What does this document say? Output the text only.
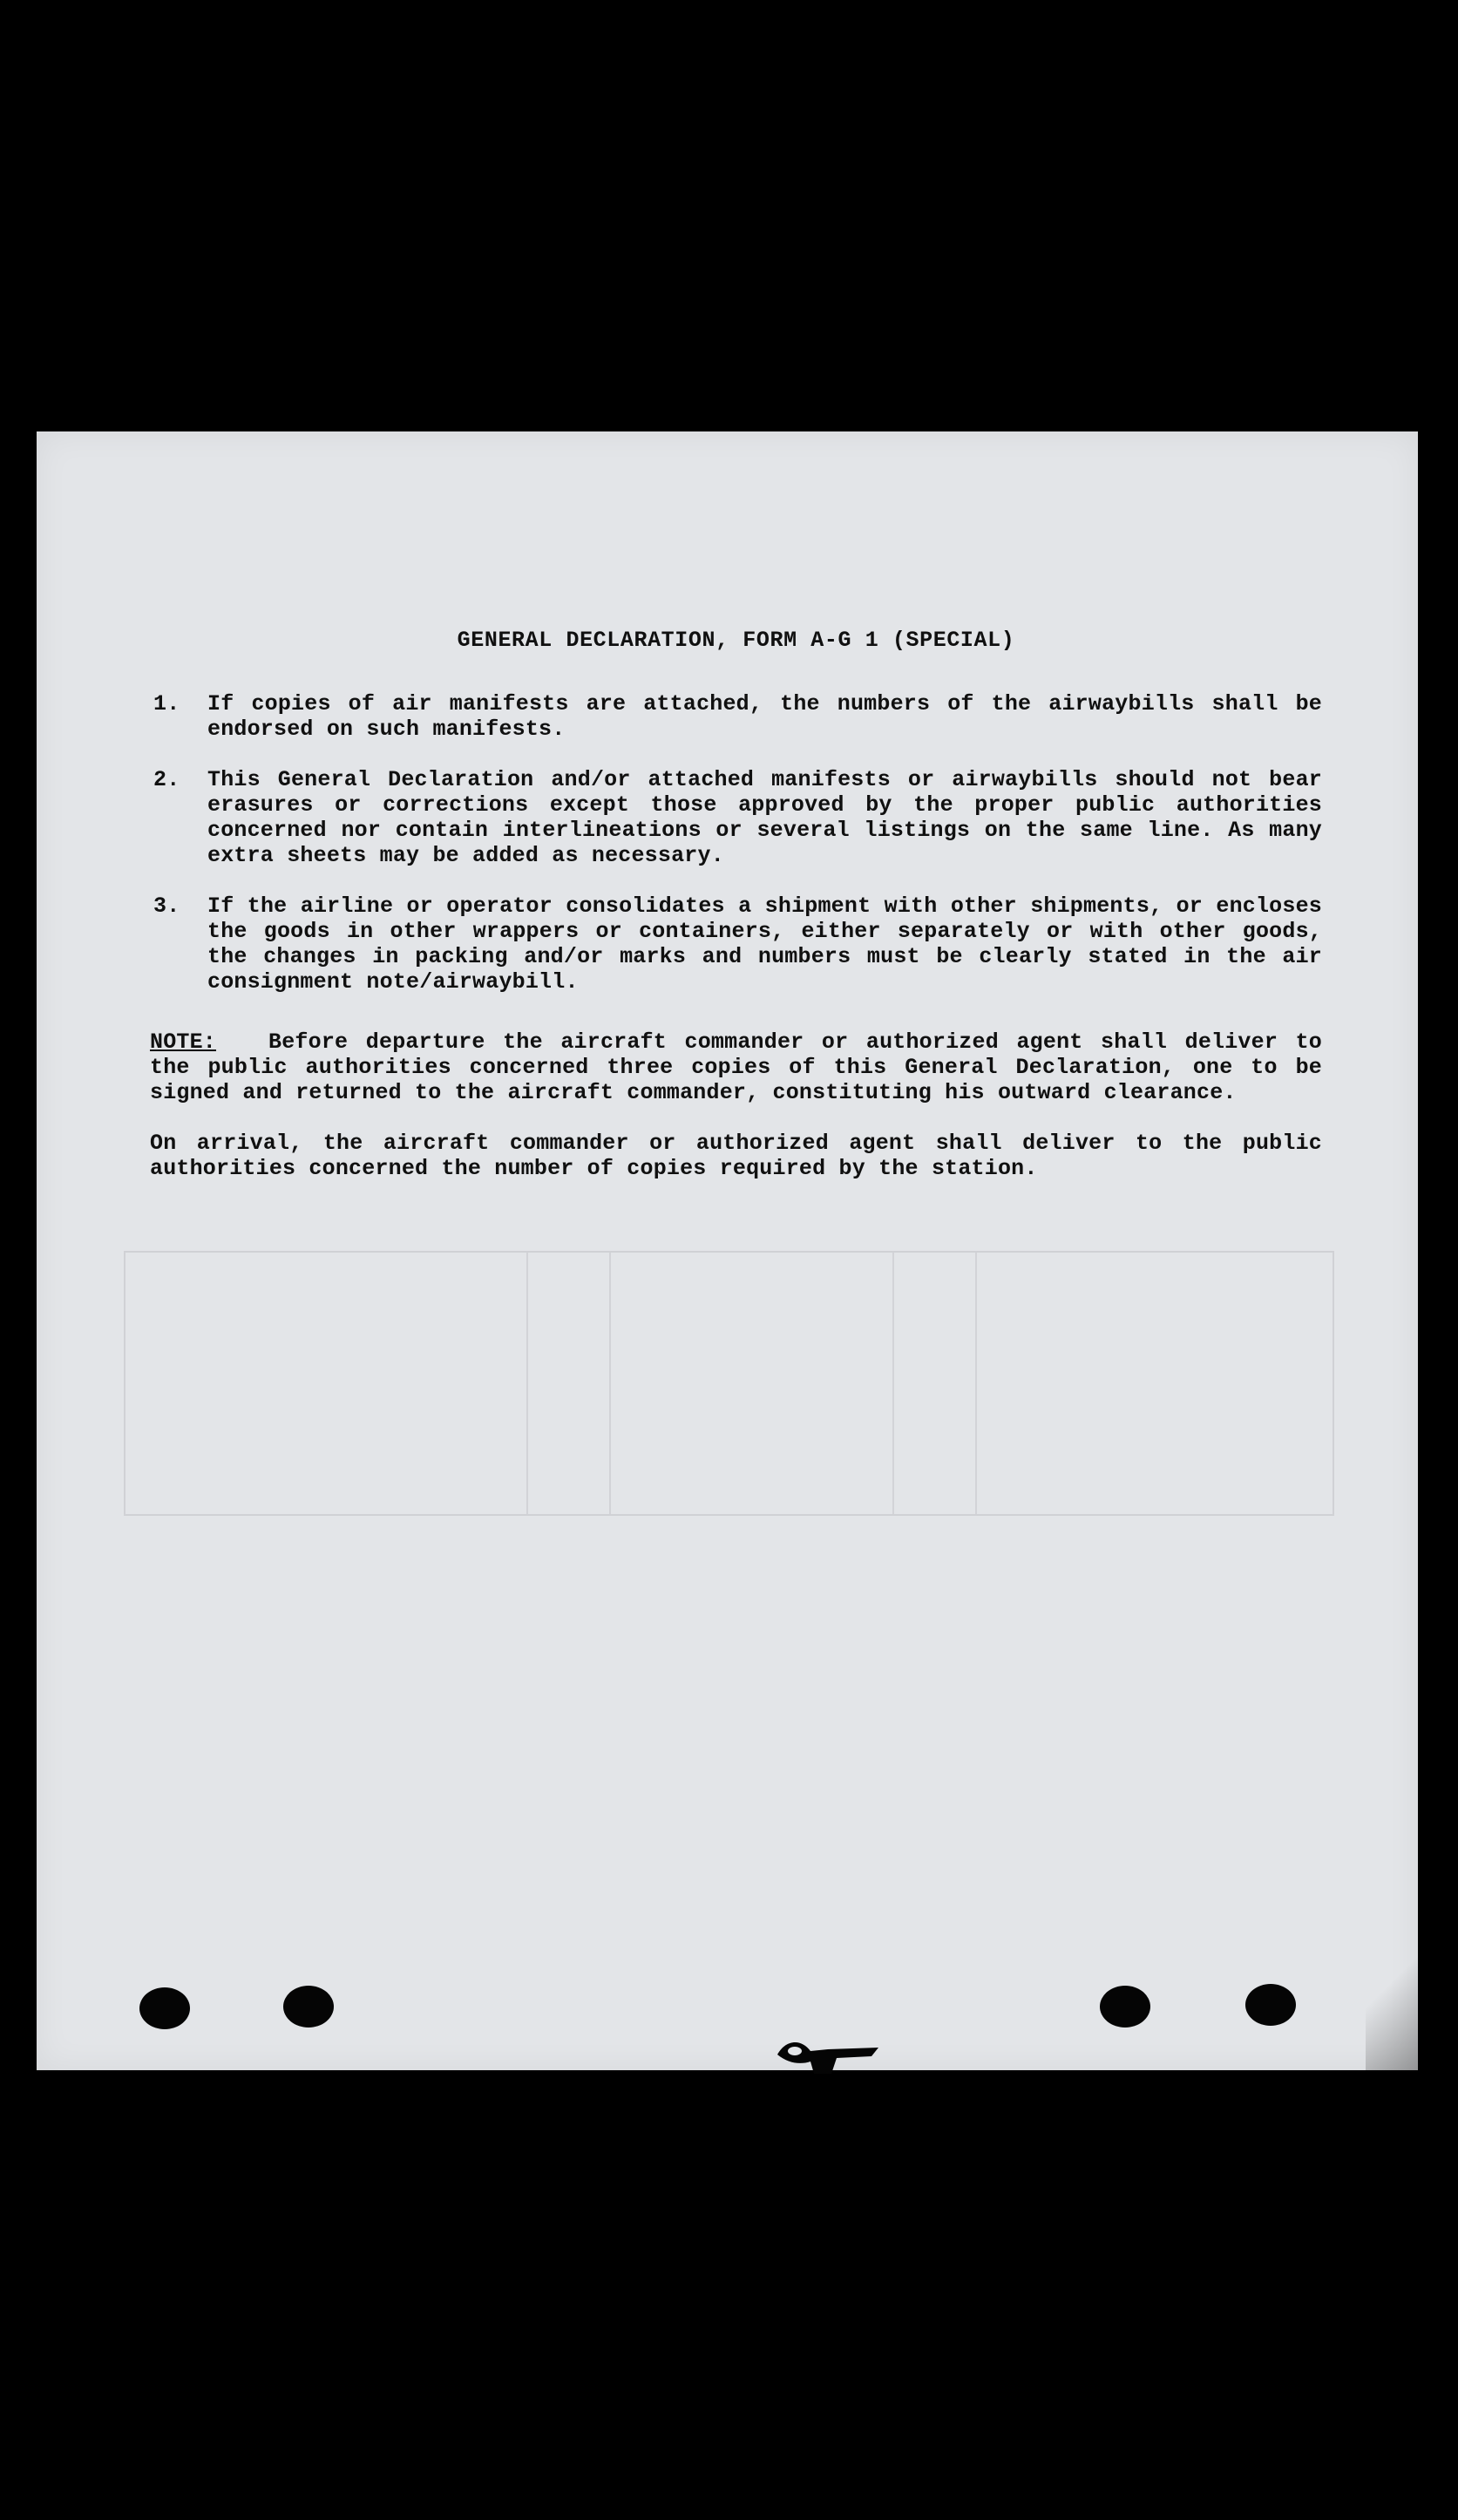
GENERAL DECLARATION, FORM A-G 1 (SPECIAL)
1.	If copies of air manifests are attached, the numbers of the airwaybills shall be endorsed on such manifests.
2.	This General Declaration and/or attached manifests or airwaybills should not bear erasures or corrections except those approved by the proper public authorities concerned nor contain interlineations or several listings on the same line. As many extra sheets may be added as necessary.
3.	If the airline or operator consolidates a shipment with other shipments, or encloses the goods in other wrappers or containers, either separately or with other goods, the changes in packing and/or marks and numbers must be clearly stated in the air consignment note/airwaybill.
NOTE: Before departure the aircraft commander or authorized agent shall deliver to the public authorities concerned three copies of this General Declaration, one to be signed and returned to the aircraft commander, constituting his outward clearance.
On arrival, the aircraft commander or authorized agent shall deliver to the public authorities concerned the number of copies required by the station.
